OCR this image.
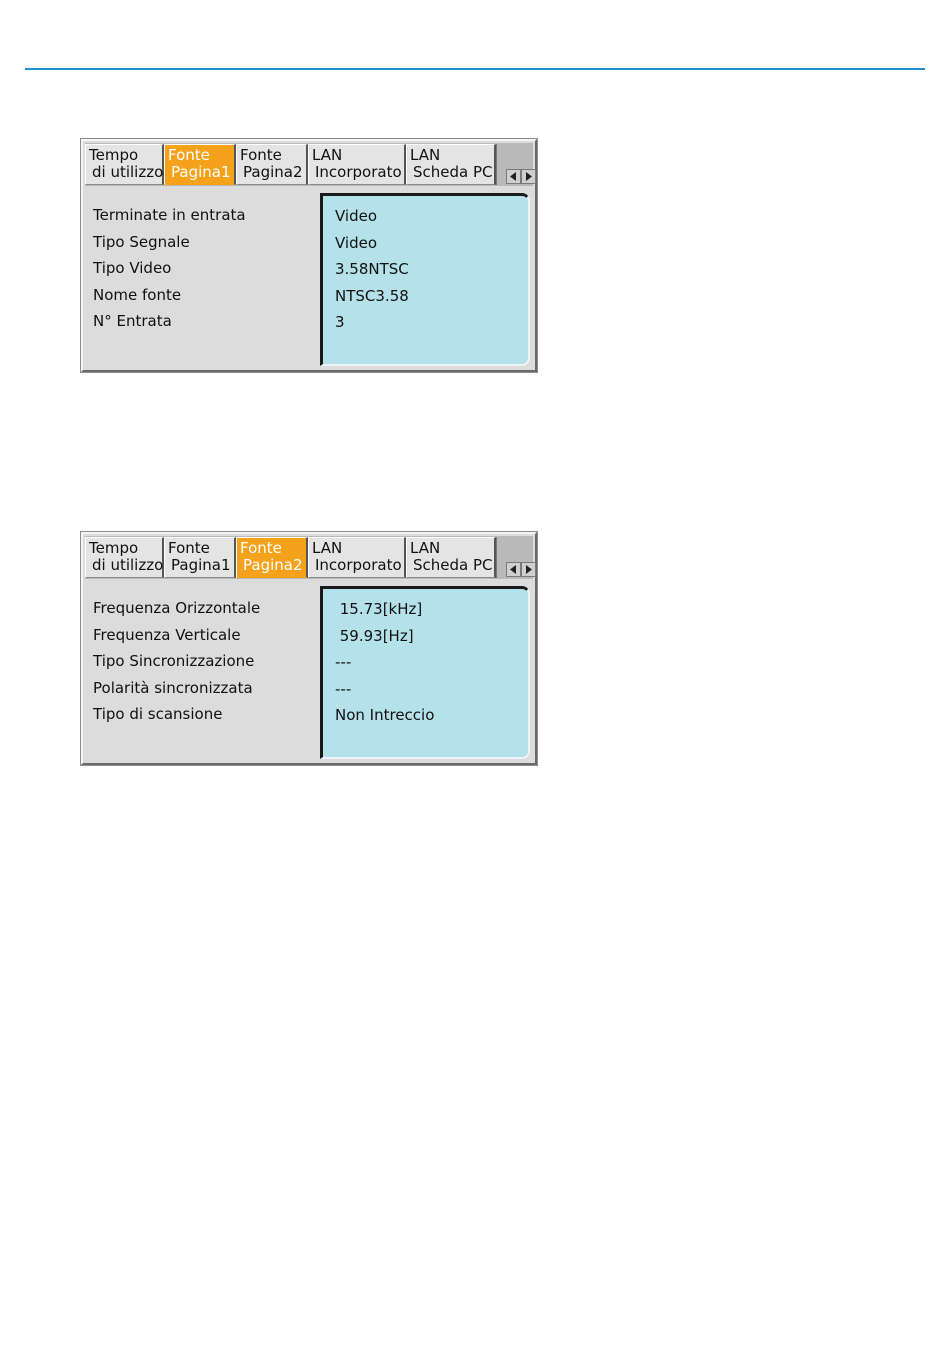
Tempo
di utilizzo
Fonte
Pagina1
Fonte
Pagina2
LAN
Incorporato
LAN
Scheda PC
Terminate in entrata
Tipo Segnale
Tipo Video
Nome fonte
N° Entrata
Video
Video
3.58NTSC
NTSC3.58
3
Tempo
di utilizzo
Fonte
Pagina1
Fonte
Pagina2
LAN
Incorporato
LAN
Scheda PC
Frequenza Orizzontale
Frequenza Verticale
Tipo Sincronizzazione
Polarità sincronizzata
Tipo di scansione
15.73[kHz]
59.93[Hz]
---
---
Non Intreccio
